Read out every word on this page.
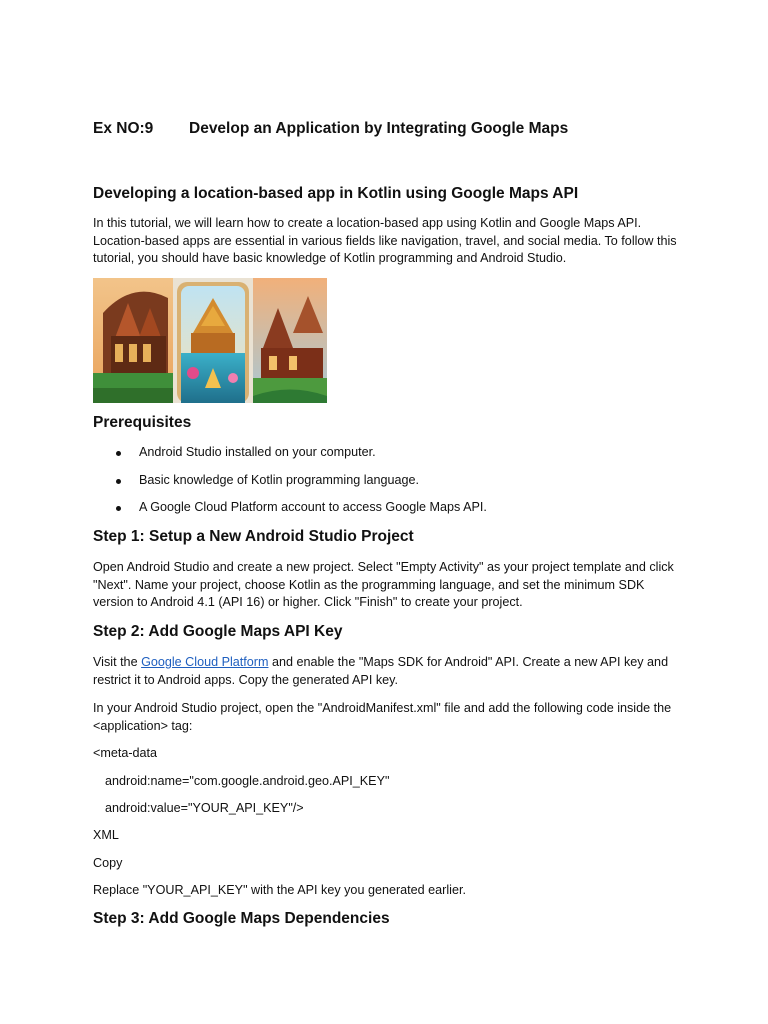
Ex NO:9 Develop an Application by Integrating Google Maps
Developing a location-based app in Kotlin using Google Maps API
In this tutorial, we will learn how to create a location-based app using Kotlin and Google Maps API. Location-based apps are essential in various fields like navigation, travel, and social media. To follow this tutorial, you should have basic knowledge of Kotlin programming and Android Studio.
Prerequisites
Android Studio installed on your computer.
Basic knowledge of Kotlin programming language.
A Google Cloud Platform account to access Google Maps API.
Step 1: Setup a New Android Studio Project
Open Android Studio and create a new project. Select "Empty Activity" as your project template and click "Next". Name your project, choose Kotlin as the programming language, and set the minimum SDK version to Android 4.1 (API 16) or higher. Click "Finish" to create your project.
Step 2: Add Google Maps API Key
Visit the Google Cloud Platform and enable the "Maps SDK for Android" API. Create a new API key and restrict it to Android apps. Copy the generated API key.
In your Android Studio project, open the "AndroidManifest.xml" file and add the following code inside the <application> tag:
<meta-data
android:name="com.google.android.geo.API_KEY"
android:value="YOUR_API_KEY"/>
XML
Copy
Replace "YOUR_API_KEY" with the API key you generated earlier.
Step 3: Add Google Maps Dependencies
